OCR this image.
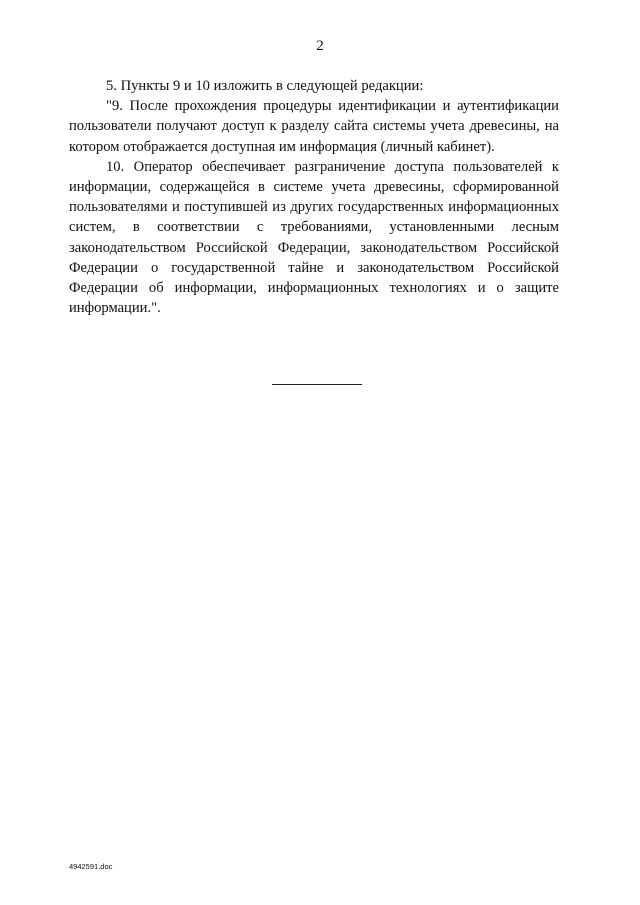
2

5. Пункты 9 и 10 изложить в следующей редакции:

"9. После прохождения процедуры идентификации и аутентификации пользователи получают доступ к разделу сайта системы учета древесины, на котором отображается доступная им информация (личный кабинет).

10. Оператор обеспечивает разграничение доступа пользователей к информации, содержащейся в системе учета древесины, сформированной пользователями и поступившей из других государственных информационных систем, в соответствии с требованиями, установленными лесным законодательством Российской Федерации, законодательством Российской Федерации о государственной тайне и законодательством Российской Федерации об информации, информационных технологиях и о защите информации.".

4942591.doc
